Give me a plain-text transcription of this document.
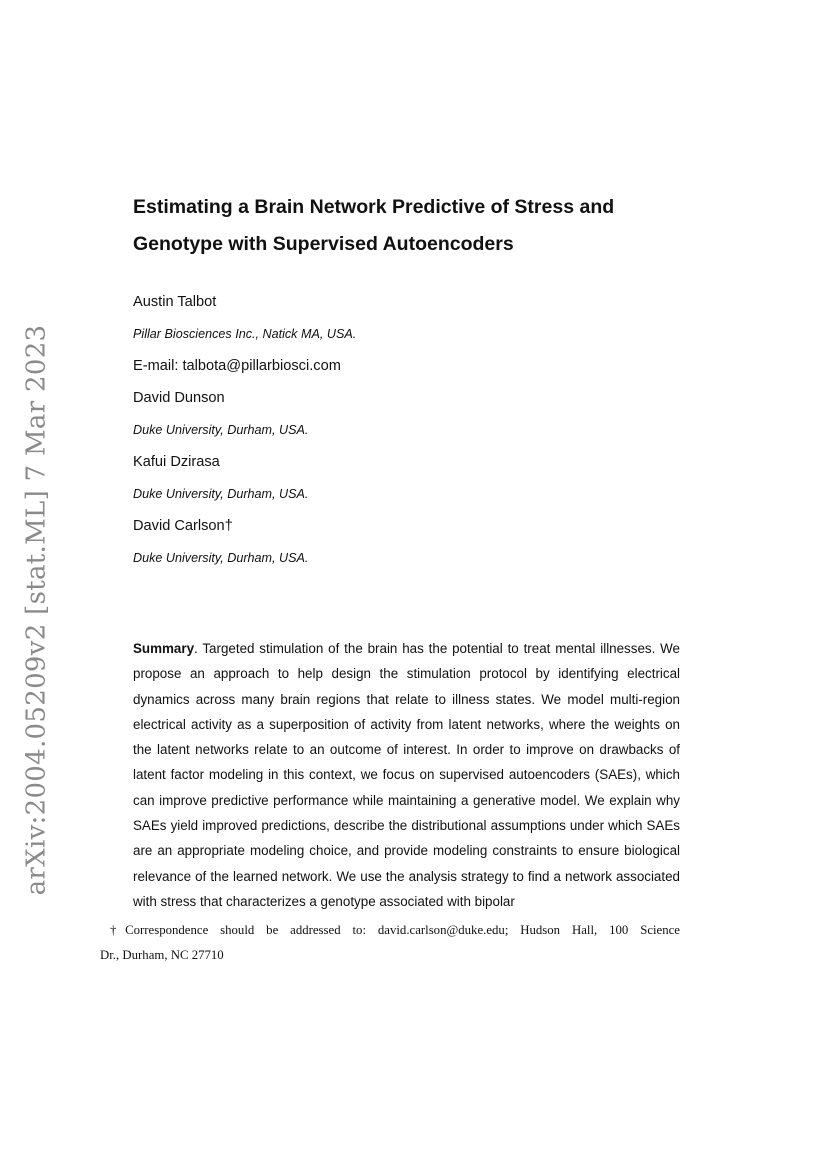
arXiv:2004.05209v2 [stat.ML] 7 Mar 2023
Estimating a Brain Network Predictive of Stress and
Genotype with Supervised Autoencoders
Austin Talbot
Pillar Biosciences Inc., Natick MA, USA.
E-mail: talbota@pillarbiosci.com
David Dunson
Duke University, Durham, USA.
Kafui Dzirasa
Duke University, Durham, USA.
David Carlson†
Duke University, Durham, USA.

Summary. Targeted stimulation of the brain has the potential to treat mental illnesses. We propose an approach to help design the stimulation protocol by identifying electrical dynamics across many brain regions that relate to illness states. We model multi-region electrical activity as a superposition of activity from latent networks, where the weights on the latent networks relate to an outcome of interest. In order to improve on drawbacks of latent factor modeling in this context, we focus on supervised autoencoders (SAEs), which can improve predictive performance while maintaining a generative model. We explain why SAEs yield improved predictions, describe the distributional assumptions under which SAEs are an appropriate modeling choice, and provide modeling constraints to ensure biological relevance of the learned network. We use the analysis strategy to find a network associated with stress that characterizes a genotype associated with bipolar

†Correspondence should be addressed to: david.carlson@duke.edu; Hudson Hall, 100 Science
Dr., Durham, NC 27710
